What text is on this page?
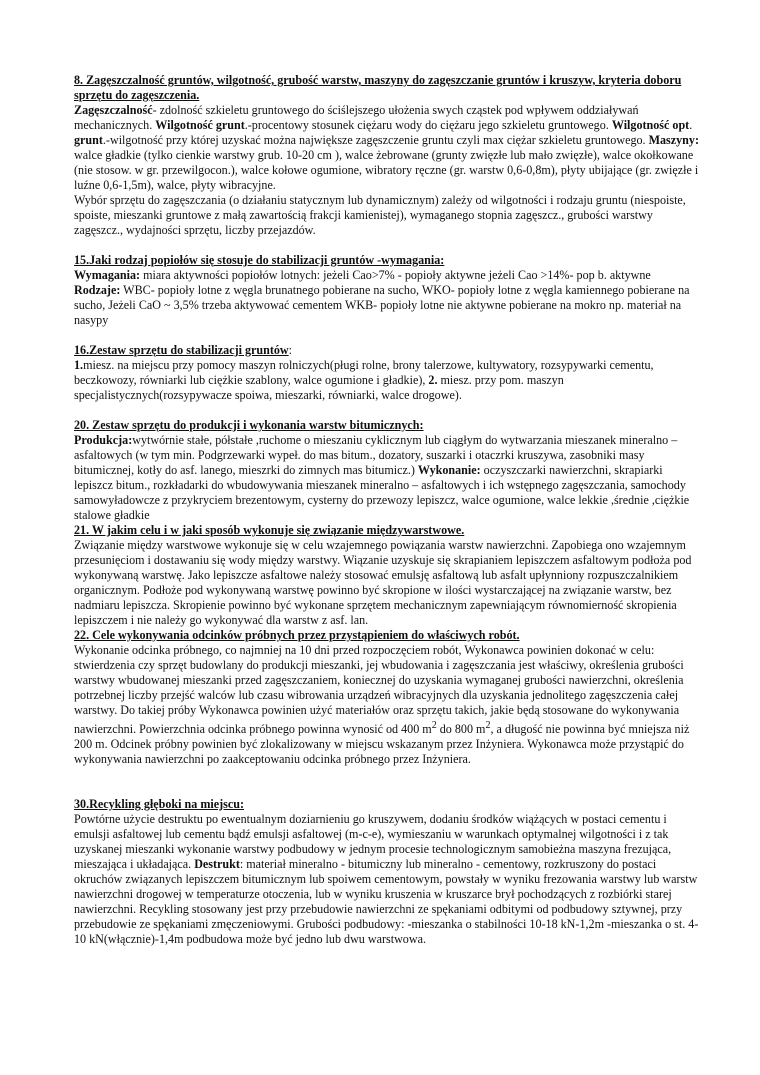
8. Zagęszczalność gruntów, wilgotność, grubość warstw, maszyny do zagęszczanie gruntów i kruszyw, kryteria doboru sprzętu do zagęszczenia.

Zagęszczalność- zdolność szkieletu gruntowego do ściślejszego ułożenia swych cząstek pod wpływem oddziaływań mechanicznych. Wilgotność grunt.-procentowy stosunek ciężaru wody do ciężaru jego szkieletu gruntowego. Wilgotność opt. grunt.-wilgotność przy której uzyskać można największe zagęszczenie gruntu czyli max ciężar szkieletu gruntowego. Maszyny: walce gładkie (tylko cienkie warstwy grub. 10-20 cm ), walce żebrowane (grunty zwięzłe lub mało zwięzłe), walce okołkowane (nie stosow. w gr. przewilgocon.), walce kołowe ogumione, wibratory ręczne (gr. warstw 0,6-0,8m), płyty ubijające (gr. zwięzłe i luźne 0,6-1,5m), walce, płyty wibracyjne.

Wybór sprzętu do zagęszczania (o działaniu statycznym lub dynamicznym) zależy od wilgotności i rodzaju gruntu (niespoiste, spoiste, mieszanki gruntowe z małą zawartością frakcji kamienistej), wymaganego stopnia zagęszcz., grubości warstwy zagęszcz., wydajności sprzętu, liczby przejazdów.

15.Jaki rodzaj popiołów się stosuje do stabilizacji gruntów -wymagania:

Wymagania: miara aktywności popiołów lotnych: jeżeli Cao>7% - popioły aktywne jeżeli Cao >14%- pop b. aktywne Rodzaje: WBC- popioły lotne z węgla brunatnego pobierane na sucho, WKO- popioły lotne z węgla kamiennego pobierane na sucho, Jeżeli CaO ~ 3,5% trzeba aktywować cementem WKB- popioły lotne nie aktywne pobierane na mokro np. materiał na nasypy

16.Zestaw sprzętu do stabilizacji gruntów:

1.miesz. na miejscu przy pomocy maszyn rolniczych(pługi rolne, brony talerzowe, kultywatory, rozsypywarki cementu, beczkowozy, równiarki lub ciężkie szablony, walce ogumione i gładkie), 2. miesz. przy pom. maszyn specjalistycznych(rozsypywacze spoiwa, mieszarki, równiarki, walce drogowe).

20. Zestaw sprzętu do produkcji i wykonania warstw bitumicznych:

Produkcja:wytwórnie stałe, półstałe ,ruchome o mieszaniu cyklicznym lub ciągłym do wytwarzania mieszanek mineralno – asfaltowych (w tym min. Podgrzewarki wypeł. do mas bitum., dozatory, suszarki i otaczrki kruszywa, zasobniki masy bitumicznej, kotły do asf. lanego, mieszrki do zimnych mas bitumicz.) Wykonanie: oczyszczarki nawierzchni, skrapiarki lepiszcz bitum., rozkładarki do wbudowywania mieszanek mineralno – asfaltowych i ich wstępnego zagęszczania, samochody samowyładowcze z przykryciem brezentowym, cysterny do przewozy lepiszcz, walce ogumione, walce lekkie ,średnie ,ciężkie stalowe gładkie

21. W jakim celu i w jaki sposób wykonuje się związanie międzywarstwowe.

Związanie między warstwowe wykonuje się w celu wzajemnego powiązania warstw nawierzchni. Zapobiega ono wzajemnym przesunięciom i dostawaniu się wody między warstwy. Wiązanie uzyskuje się skrapianiem lepiszczem asfaltowym podłoża pod wykonywaną warstwę. Jako lepiszcze asfaltowe należy stosować emulsję asfaltową lub asfalt upłynniony rozpuszczalnikiem organicznym. Podłoże pod wykonywaną warstwę powinno być skropione w ilości wystarczającej na związanie warstw, bez nadmiaru lepiszcza. Skropienie powinno być wykonane sprzętem mechanicznym zapewniającym równomierność skropienia lepiszczem i nie należy go wykonywać dla warstw z asf. lan.

22. Cele wykonywania odcinków próbnych przez przystąpieniem do właściwych robót.

Wykonanie odcinka próbnego, co najmniej na 10 dni przed rozpoczęciem robót, Wykonawca powinien dokonać w celu: stwierdzenia czy sprzęt budowlany do produkcji mieszanki, jej wbudowania i zagęszczania jest właściwy, określenia grubości warstwy wbudowanej mieszanki przed zagęszczaniem, koniecznej do uzyskania wymaganej grubości nawierzchni, określenia potrzebnej liczby przejść walców lub czasu wibrowania urządzeń wibracyjnych dla uzyskania jednolitego zagęszczenia całej warstwy. Do takiej próby Wykonawca powinien użyć materiałów oraz sprzętu takich, jakie będą stosowane do wykonywania nawierzchni. Powierzchnia odcinka próbnego powinna wynosić od 400 $m^2$ do 800 $m^2$, a długość nie powinna być mniejsza niż 200 m. Odcinek próbny powinien być zlokalizowany w miejscu wskazanym przez Inżyniera. Wykonawca może przystąpić do wykonywania nawierzchni po zaakceptowaniu odcinka próbnego przez Inżyniera.

30.Recykling głęboki na miejscu:

Powtórne użycie destruktu po ewentualnym doziarnieniu go kruszywem, dodaniu środków wiążących w postaci cementu i emulsji asfaltowej lub cementu bądź emulsji asfaltowej (m-c-e), wymieszaniu w warunkach optymalnej wilgotności i z tak uzyskanej mieszanki wykonanie warstwy podbudowy w jednym procesie technologicznym samobieżna maszyna frezująca, mieszająca i układająca. Destrukt: materiał mineralno - bitumiczny lub mineralno - cementowy, rozkruszony do postaci okruchów związanych lepiszczem bitumicznym lub spoiwem cementowym, powstały w wyniku frezowania warstwy lub warstw nawierzchni drogowej w temperaturze otoczenia, lub w wyniku kruszenia w kruszarce brył pochodzących z rozbiórki starej nawierzchni. Recykling stosowany jest przy przebudowie nawierzchni ze spękaniami odbitymi od podbudowy sztywnej, przy przebudowie ze spękaniami zmęczeniowymi. Grubości podbudowy: -mieszanka o stabilności 10-18 kN-1,2m -mieszanka o st. 4-10 kN(włącznie)-1,4m podbudowa może być jedno lub dwu warstwowa.
